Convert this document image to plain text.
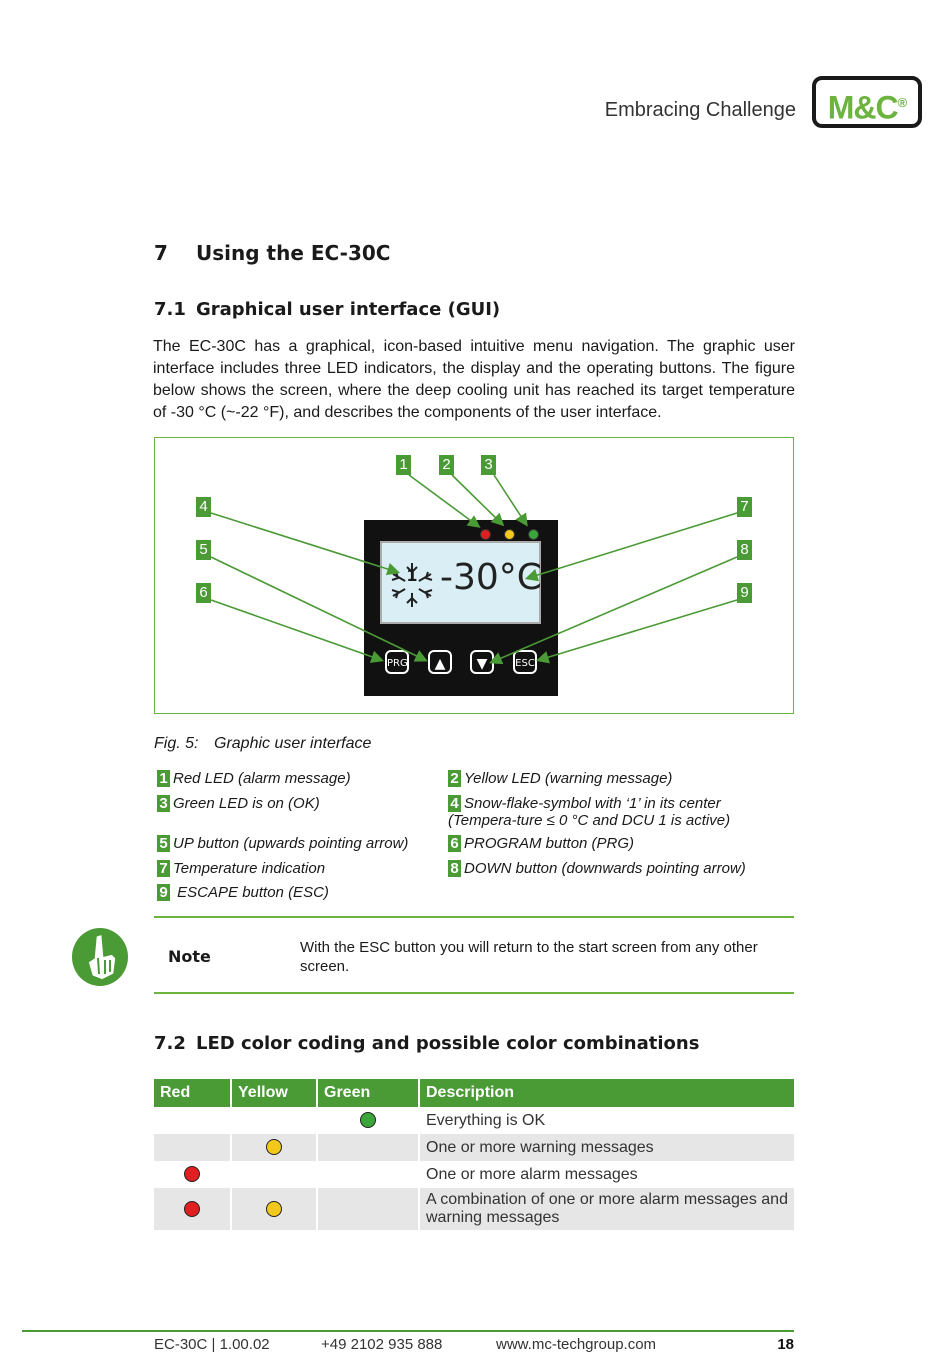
Embracing Challenge M&C®
7 Using the EC-30C
7.1 Graphical user interface (GUI)
The EC-30C has a graphical, icon-based intuitive menu navigation. The graphic user interface includes three LED indicators, the display and the operating buttons. The figure below shows the screen, where the deep cooling unit has reached its target temperature of -30 °C (~-22 °F), and describes the components of the user interface.
1 -30°C
PRG	▲	▼	ESC
1 2 3
4
5
6
7
8
9
Fig. 5: Graphic user interface
1 Red LED (alarm message)	2 Yellow LED (warning message)
3 Green LED is on (OK)	4 Snow-flake-symbol with ‘1’ in its center (Tempera-ture ≤ 0 °C and DCU 1 is active)
5 UP button (upwards pointing arrow)	6 PROGRAM button (PRG)
7 Temperature indication	8 DOWN button (downwards pointing arrow)
9 ESCAPE button (ESC)
Note	With the ESC button you will return to the start screen from any other screen.
7.2 LED color coding and possible color combinations
Red	Yellow	Green	Description
			Everything is OK
			One or more warning messages
			One or more alarm messages
			A combination of one or more alarm messages and warning messages
EC-30C | 1.00.02	+49 2102 935 888	www.mc-techgroup.com	18
